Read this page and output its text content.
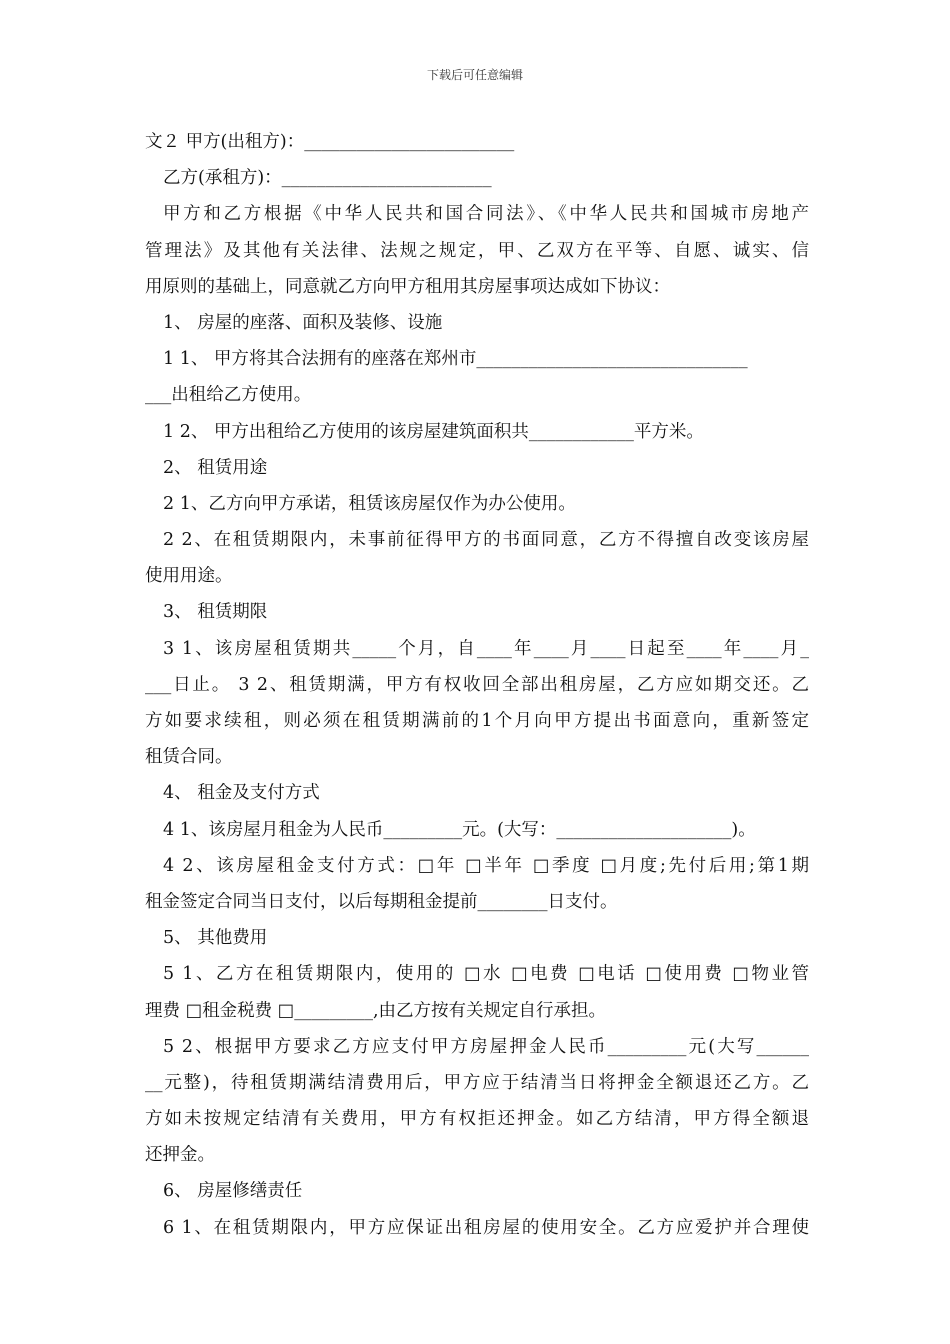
下载后可任意编辑
文２ 甲方(出租方)：________________________
乙方(承租方)：________________________
甲方和乙方根据《中华人民共和国合同法》、《中华人民共和国城市房地产
管理法》及其他有关法律、法规之规定，甲、乙双方在平等、自愿、诚实、信
用原则的基础上，同意就乙方向甲方租用其房屋事项达成如下协议：
1、 房屋的座落、面积及装修、设施
1 1、 甲方将其合法拥有的座落在郑州市_______________________________
___出租给乙方使用。
1 2、 甲方出租给乙方使用的该房屋建筑面积共____________平方米。
2、 租赁用途
2 1、乙方向甲方承诺，租赁该房屋仅作为办公使用。
2 2、在租赁期限内，未事前征得甲方的书面同意，乙方不得擅自改变该房屋
使用用途。
3、 租赁期限
3 1、该房屋租赁期共_____个月，自____年____月____日起至____年____月_
___日止。 3 2、租赁期满，甲方有权收回全部出租房屋，乙方应如期交还。乙
方如要求续租，则必须在租赁期满前的1个月向甲方提出书面意向，重新签定
租赁合同。
4、 租金及支付方式
4 1、该房屋月租金为人民币_________元。(大写：____________________)。
4 2、该房屋租金支付方式：□年 □半年 □季度 □月度;先付后用;第1期
租金签定合同当日支付，以后每期租金提前________日支付。
5、 其他费用
5 1、乙方在租赁期限内，使用的 □水 □电费 □电话 □使用费 □物业管
理费 □租金税费 □_________,由乙方按有关规定自行承担。
5 2、根据甲方要求乙方应支付甲方房屋押金人民币_________元(大写______
__元整)，待租赁期满结清费用后，甲方应于结清当日将押金全额退还乙方。乙
方如未按规定结清有关费用，甲方有权拒还押金。如乙方结清，甲方得全额退
还押金。
6、 房屋修缮责任
6 1、在租赁期限内，甲方应保证出租房屋的使用安全。乙方应爱护并合理使
